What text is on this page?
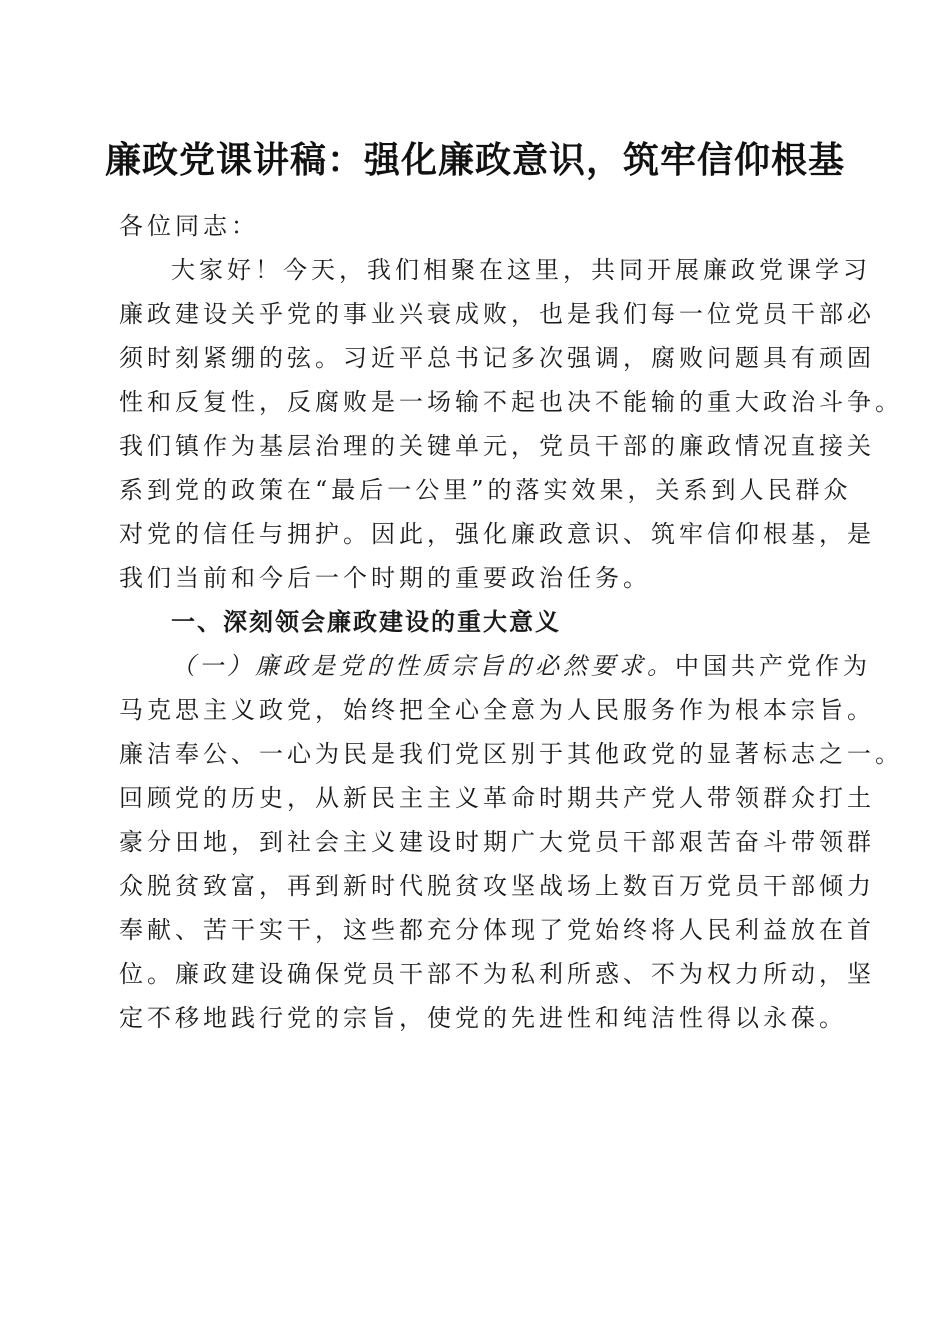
廉政党课讲稿：强化廉政意识，筑牢信仰根基
各位同志：
大家好！今天，我们相聚在这里，共同开展廉政党课学习
廉政建设关乎党的事业兴衰成败，也是我们每一位党员干部必
须时刻紧绷的弦。习近平总书记多次强调，腐败问题具有顽固
性和反复性，反腐败是一场输不起也决不能输的重大政治斗争。
我们镇作为基层治理的关键单元，党员干部的廉政情况直接关
系到党的政策在“最后一公里”的落实效果，关系到人民群众
对党的信任与拥护。因此，强化廉政意识、筑牢信仰根基，是
我们当前和今后一个时期的重要政治任务。
一、深刻领会廉政建设的重大意义
（一）廉政是党的性质宗旨的必然要求。中国共产党作为
马克思主义政党，始终把全心全意为人民服务作为根本宗旨。
廉洁奉公、一心为民是我们党区别于其他政党的显著标志之一。
回顾党的历史，从新民主主义革命时期共产党人带领群众打土
豪分田地，到社会主义建设时期广大党员干部艰苦奋斗带领群
众脱贫致富，再到新时代脱贫攻坚战场上数百万党员干部倾力
奉献、苦干实干，这些都充分体现了党始终将人民利益放在首
位。廉政建设确保党员干部不为私利所惑、不为权力所动，坚
定不移地践行党的宗旨，使党的先进性和纯洁性得以永葆。
